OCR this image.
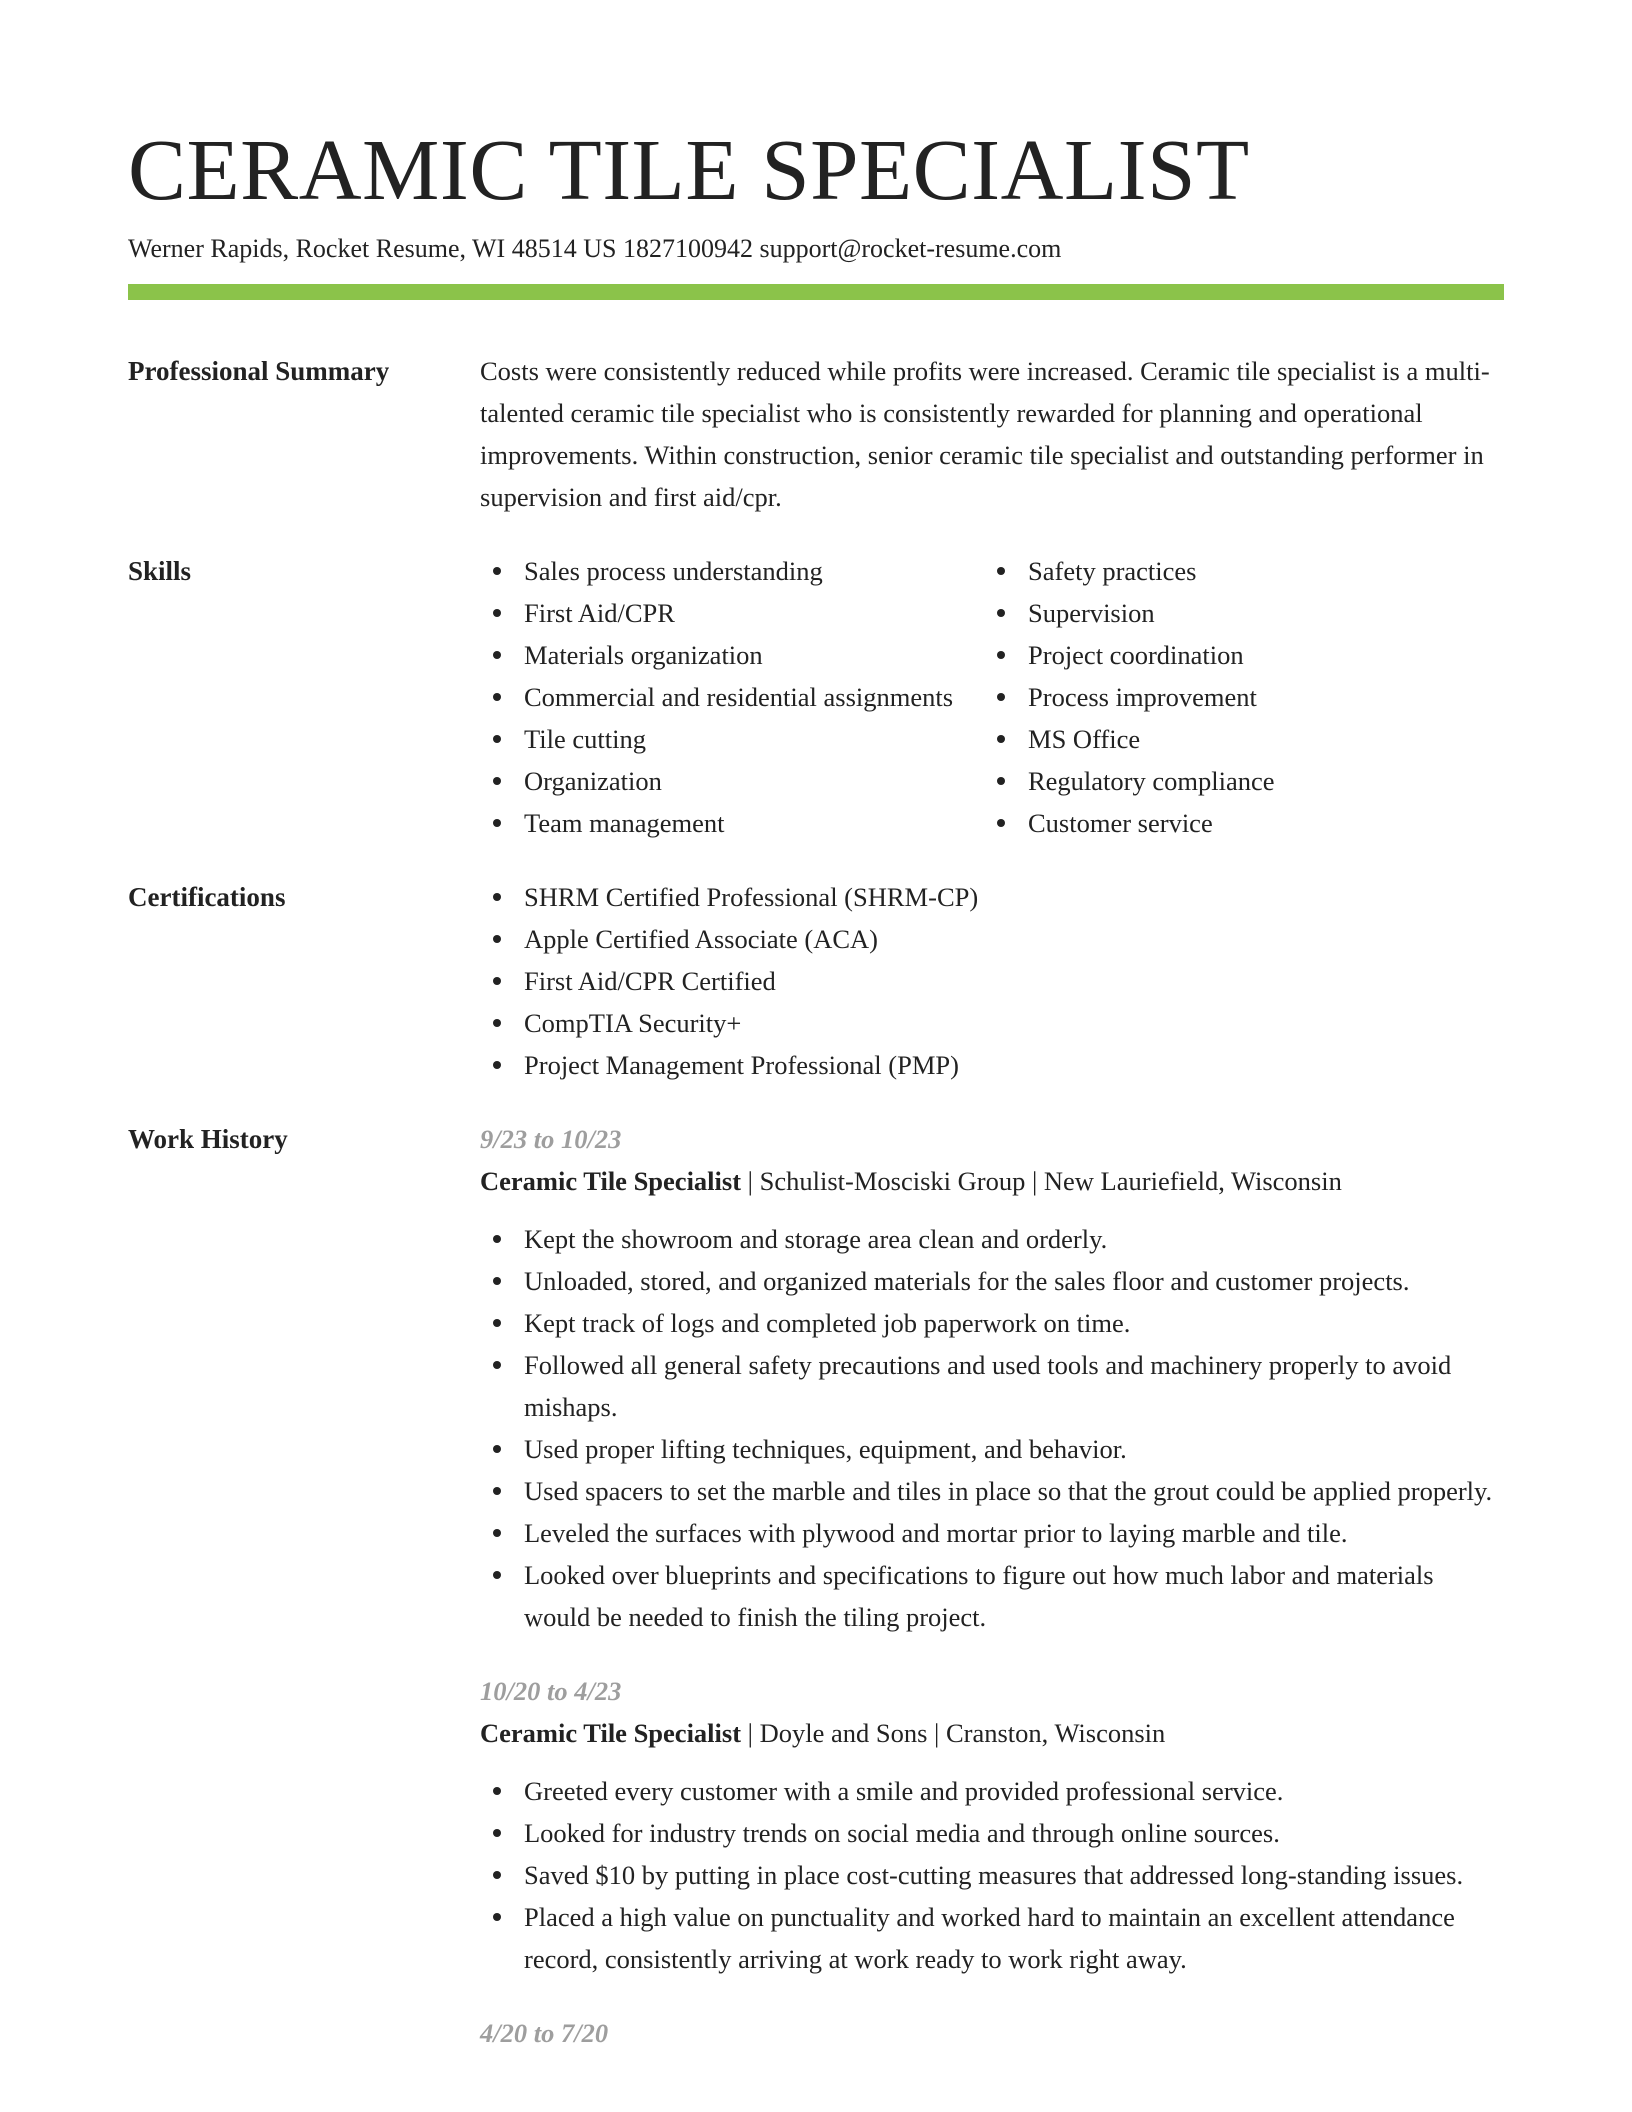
CERAMIC TILE SPECIALIST
Werner Rapids, Rocket Resume, WI 48514 US 1827100942 support@rocket-resume.com
Professional Summary	Costs were consistently reduced while profits were increased. Ceramic tile specialist is a multi-talented ceramic tile specialist who is consistently rewarded for planning and operational improvements. Within construction, senior ceramic tile specialist and outstanding performer in supervision and first aid/cpr.
Skills	Sales process understanding
First Aid/CPR
Materials organization
Commercial and residential assignments
Tile cutting
Organization
Team management
Safety practices
Supervision
Project coordination
Process improvement
MS Office
Regulatory compliance
Customer service
Certifications	SHRM Certified Professional (SHRM-CP)
Apple Certified Associate (ACA)
First Aid/CPR Certified
CompTIA Security+
Project Management Professional (PMP)
Work History	9/23 to 10/23
Ceramic Tile Specialist | Schulist-Mosciski Group | New Lauriefield, Wisconsin
Kept the showroom and storage area clean and orderly.
Unloaded, stored, and organized materials for the sales floor and customer projects.
Kept track of logs and completed job paperwork on time.
Followed all general safety precautions and used tools and machinery properly to avoid mishaps.
Used proper lifting techniques, equipment, and behavior.
Used spacers to set the marble and tiles in place so that the grout could be applied properly.
Leveled the surfaces with plywood and mortar prior to laying marble and tile.
Looked over blueprints and specifications to figure out how much labor and materials would be needed to finish the tiling project.
10/20 to 4/23
Ceramic Tile Specialist | Doyle and Sons | Cranston, Wisconsin
Greeted every customer with a smile and provided professional service.
Looked for industry trends on social media and through online sources.
Saved $10 by putting in place cost-cutting measures that addressed long-standing issues.
Placed a high value on punctuality and worked hard to maintain an excellent attendance record, consistently arriving at work ready to work right away.
4/20 to 7/20
